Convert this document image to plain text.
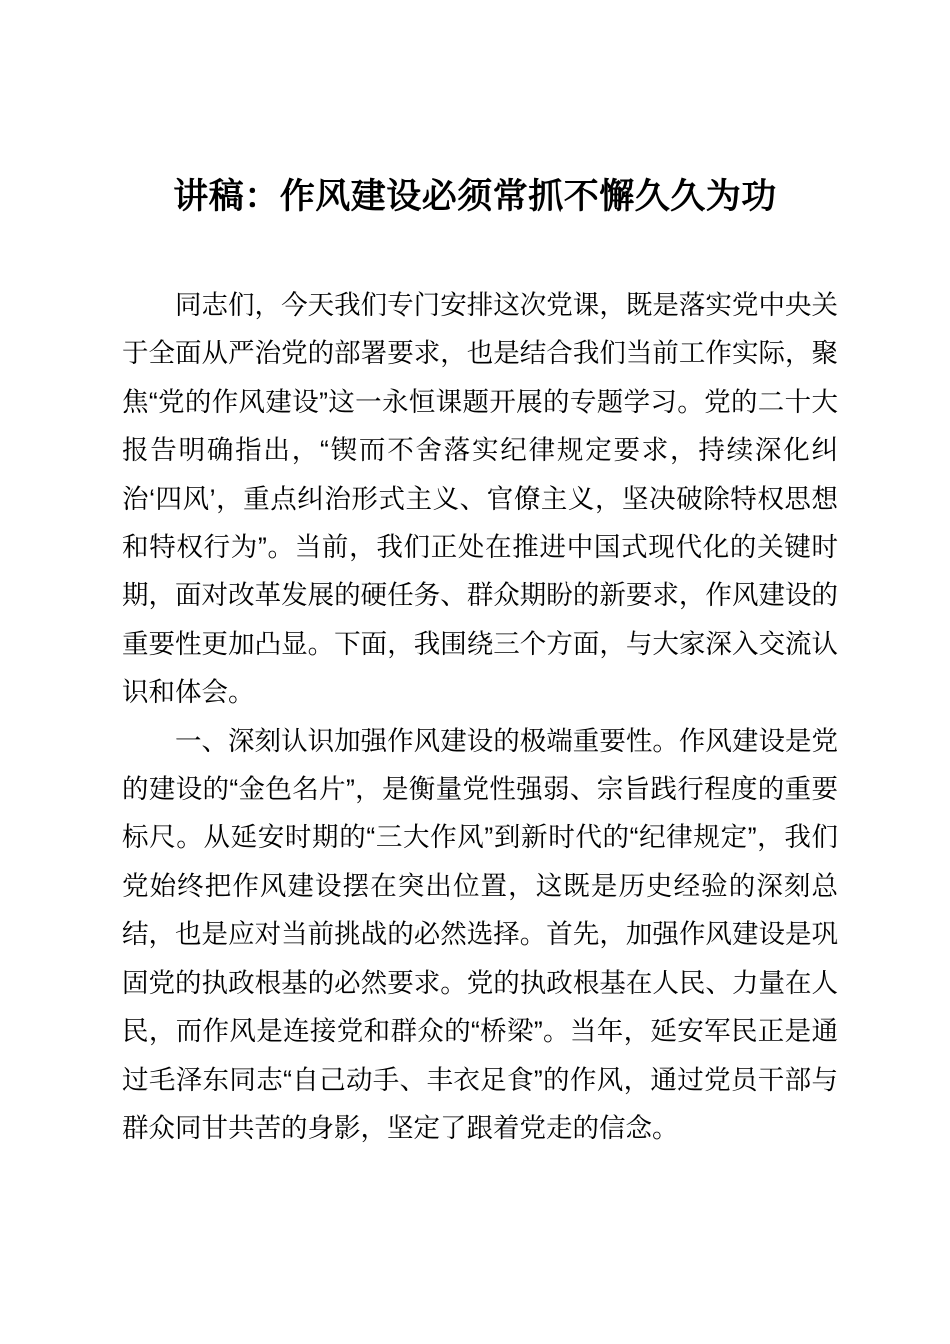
讲稿：作风建设必须常抓不懈久久为功

同志们，今天我们专门安排这次党课，既是落实党中央关于全面从严治党的部署要求，也是结合我们当前工作实际，聚焦“党的作风建设”这一永恒课题开展的专题学习。党的二十大报告明确指出，“锲而不舍落实纪律规定要求，持续深化纠治‘四风’，重点纠治形式主义、官僚主义，坚决破除特权思想和特权行为”。当前，我们正处在推进中国式现代化的关键时期，面对改革发展的硬任务、群众期盼的新要求，作风建设的重要性更加凸显。下面，我围绕三个方面，与大家深入交流认识和体会。

一、深刻认识加强作风建设的极端重要性。作风建设是党的建设的“金色名片”，是衡量党性强弱、宗旨践行程度的重要标尺。从延安时期的“三大作风”到新时代的“纪律规定”，我们党始终把作风建设摆在突出位置，这既是历史经验的深刻总结，也是应对当前挑战的必然选择。首先，加强作风建设是巩固党的执政根基的必然要求。党的执政根基在人民、力量在人民，而作风是连接党和群众的“桥梁”。当年，延安军民正是通过毛泽东同志“自己动手、丰衣足食”的作风，通过党员干部与群众同甘共苦的身影，坚定了跟着党走的信念。
